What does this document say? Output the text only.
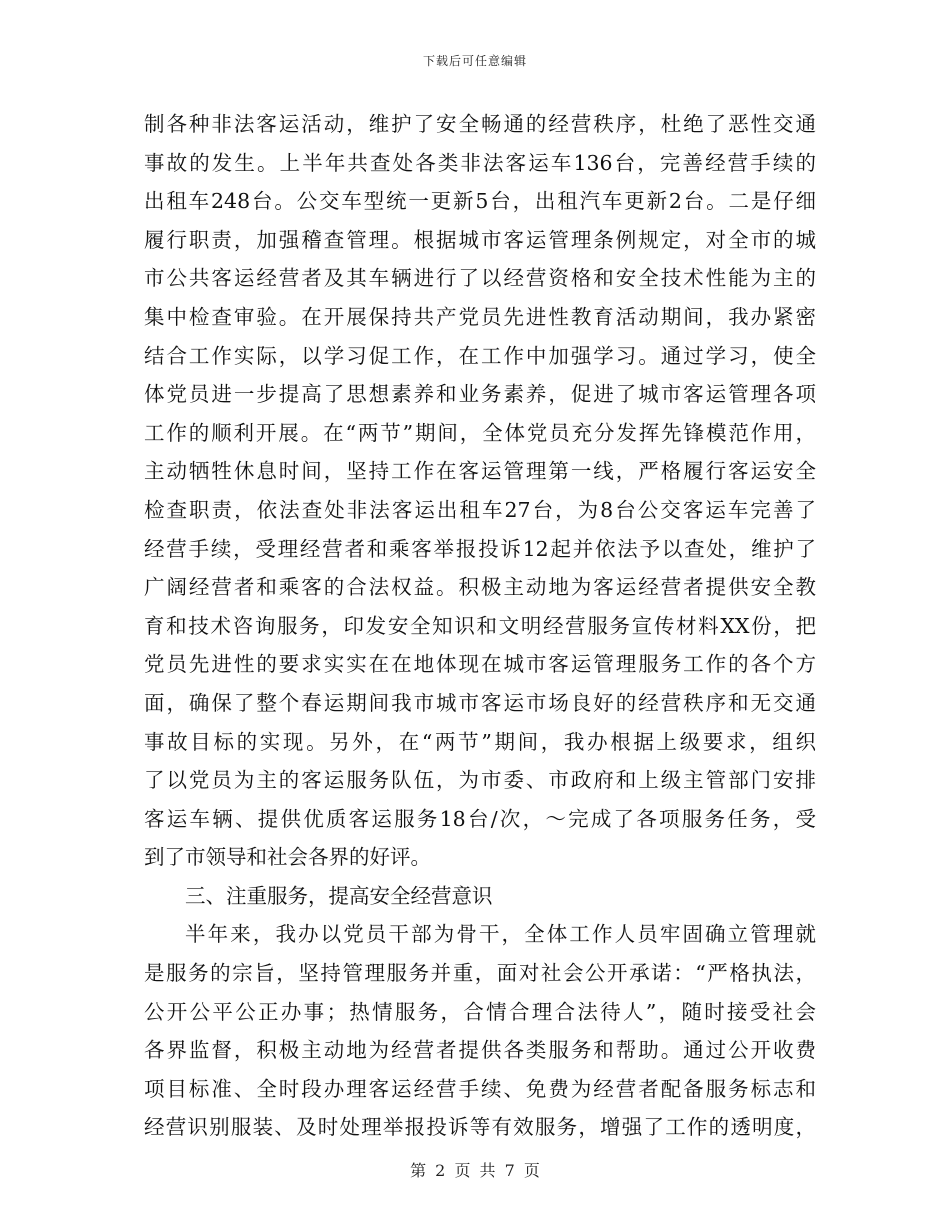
下载后可任意编辑
制各种非法客运活动，维护了安全畅通的经营秩序，杜绝了恶性交通
事故的发生。上半年共查处各类非法客运车136台，完善经营手续的
出租车248台。公交车型统一更新5台，出租汽车更新2台。二是仔细
履行职责，加强稽查管理。根据城市客运管理条例规定，对全市的城
市公共客运经营者及其车辆进行了以经营资格和安全技术性能为主的
集中检查审验。在开展保持共产党员先进性教育活动期间，我办紧密
结合工作实际，以学习促工作，在工作中加强学习。通过学习，使全
体党员进一步提高了思想素养和业务素养，促进了城市客运管理各项
工作的顺利开展。在“两节”期间，全体党员充分发挥先锋模范作用，
主动牺牲休息时间，坚持工作在客运管理第一线，严格履行客运安全
检查职责，依法查处非法客运出租车27台，为8台公交客运车完善了
经营手续，受理经营者和乘客举报投诉12起并依法予以查处，维护了
广阔经营者和乘客的合法权益。积极主动地为客运经营者提供安全教
育和技术咨询服务，印发安全知识和文明经营服务宣传材料XX份，把
党员先进性的要求实实在在地体现在城市客运管理服务工作的各个方
面，确保了整个春运期间我市城市客运市场良好的经营秩序和无交通
事故目标的实现。另外，在“两节”期间，我办根据上级要求，组织
了以党员为主的客运服务队伍，为市委、市政府和上级主管部门安排
客运车辆、提供优质客运服务18台/次，～完成了各项服务任务，受
到了市领导和社会各界的好评。
三、注重服务，提高安全经营意识
半年来，我办以党员干部为骨干，全体工作人员牢固确立管理就
是服务的宗旨，坚持管理服务并重，面对社会公开承诺：“严格执法，
公开公平公正办事；热情服务，合情合理合法待人”，随时接受社会
各界监督，积极主动地为经营者提供各类服务和帮助。通过公开收费
项目标准、全时段办理客运经营手续、免费为经营者配备服务标志和
经营识别服装、及时处理举报投诉等有效服务，增强了工作的透明度，
第 2 页 共 7 页
